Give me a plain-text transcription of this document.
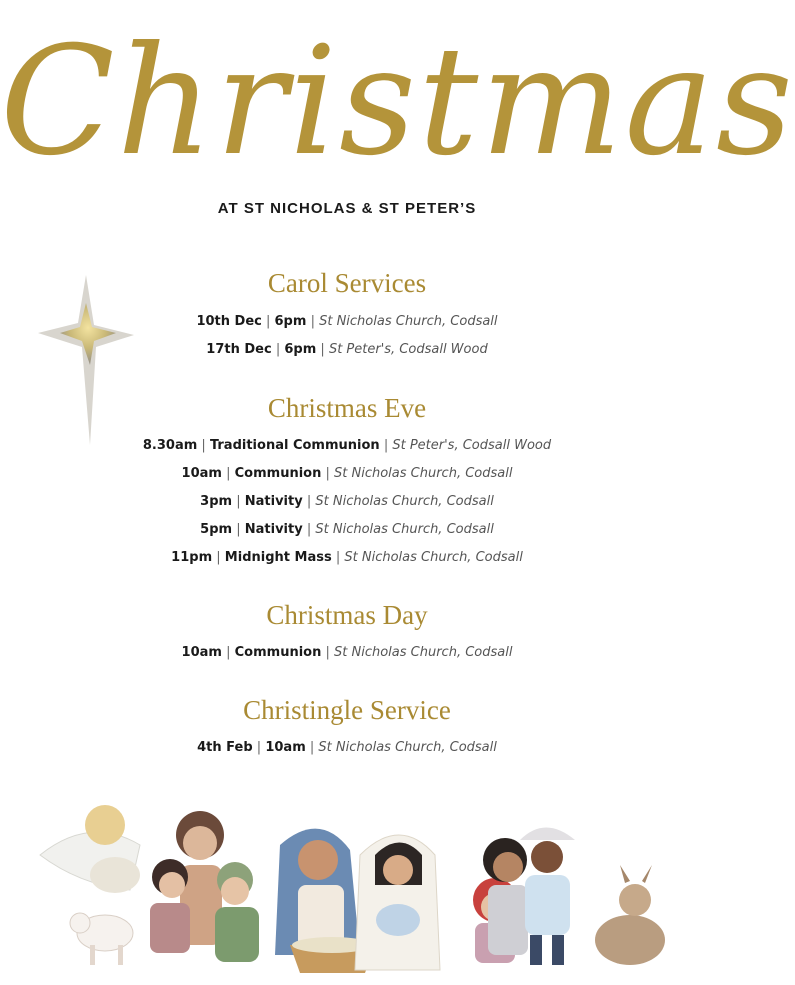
Christmas
AT ST NICHOLAS & ST PETER’S
Carol Services
10th Dec | 6pm | St Nicholas Church, Codsall
17th Dec | 6pm | St Peter's, Codsall Wood
Christmas Eve
8.30am | Traditional Communion | St Peter's, Codsall Wood
10am | Communion | St Nicholas Church, Codsall
3pm | Nativity | St Nicholas Church, Codsall
5pm | Nativity | St Nicholas Church, Codsall
11pm | Midnight Mass | St Nicholas Church, Codsall
Christmas Day
10am | Communion | St Nicholas Church, Codsall
Christingle Service
4th Feb | 10am | St Nicholas Church, Codsall
